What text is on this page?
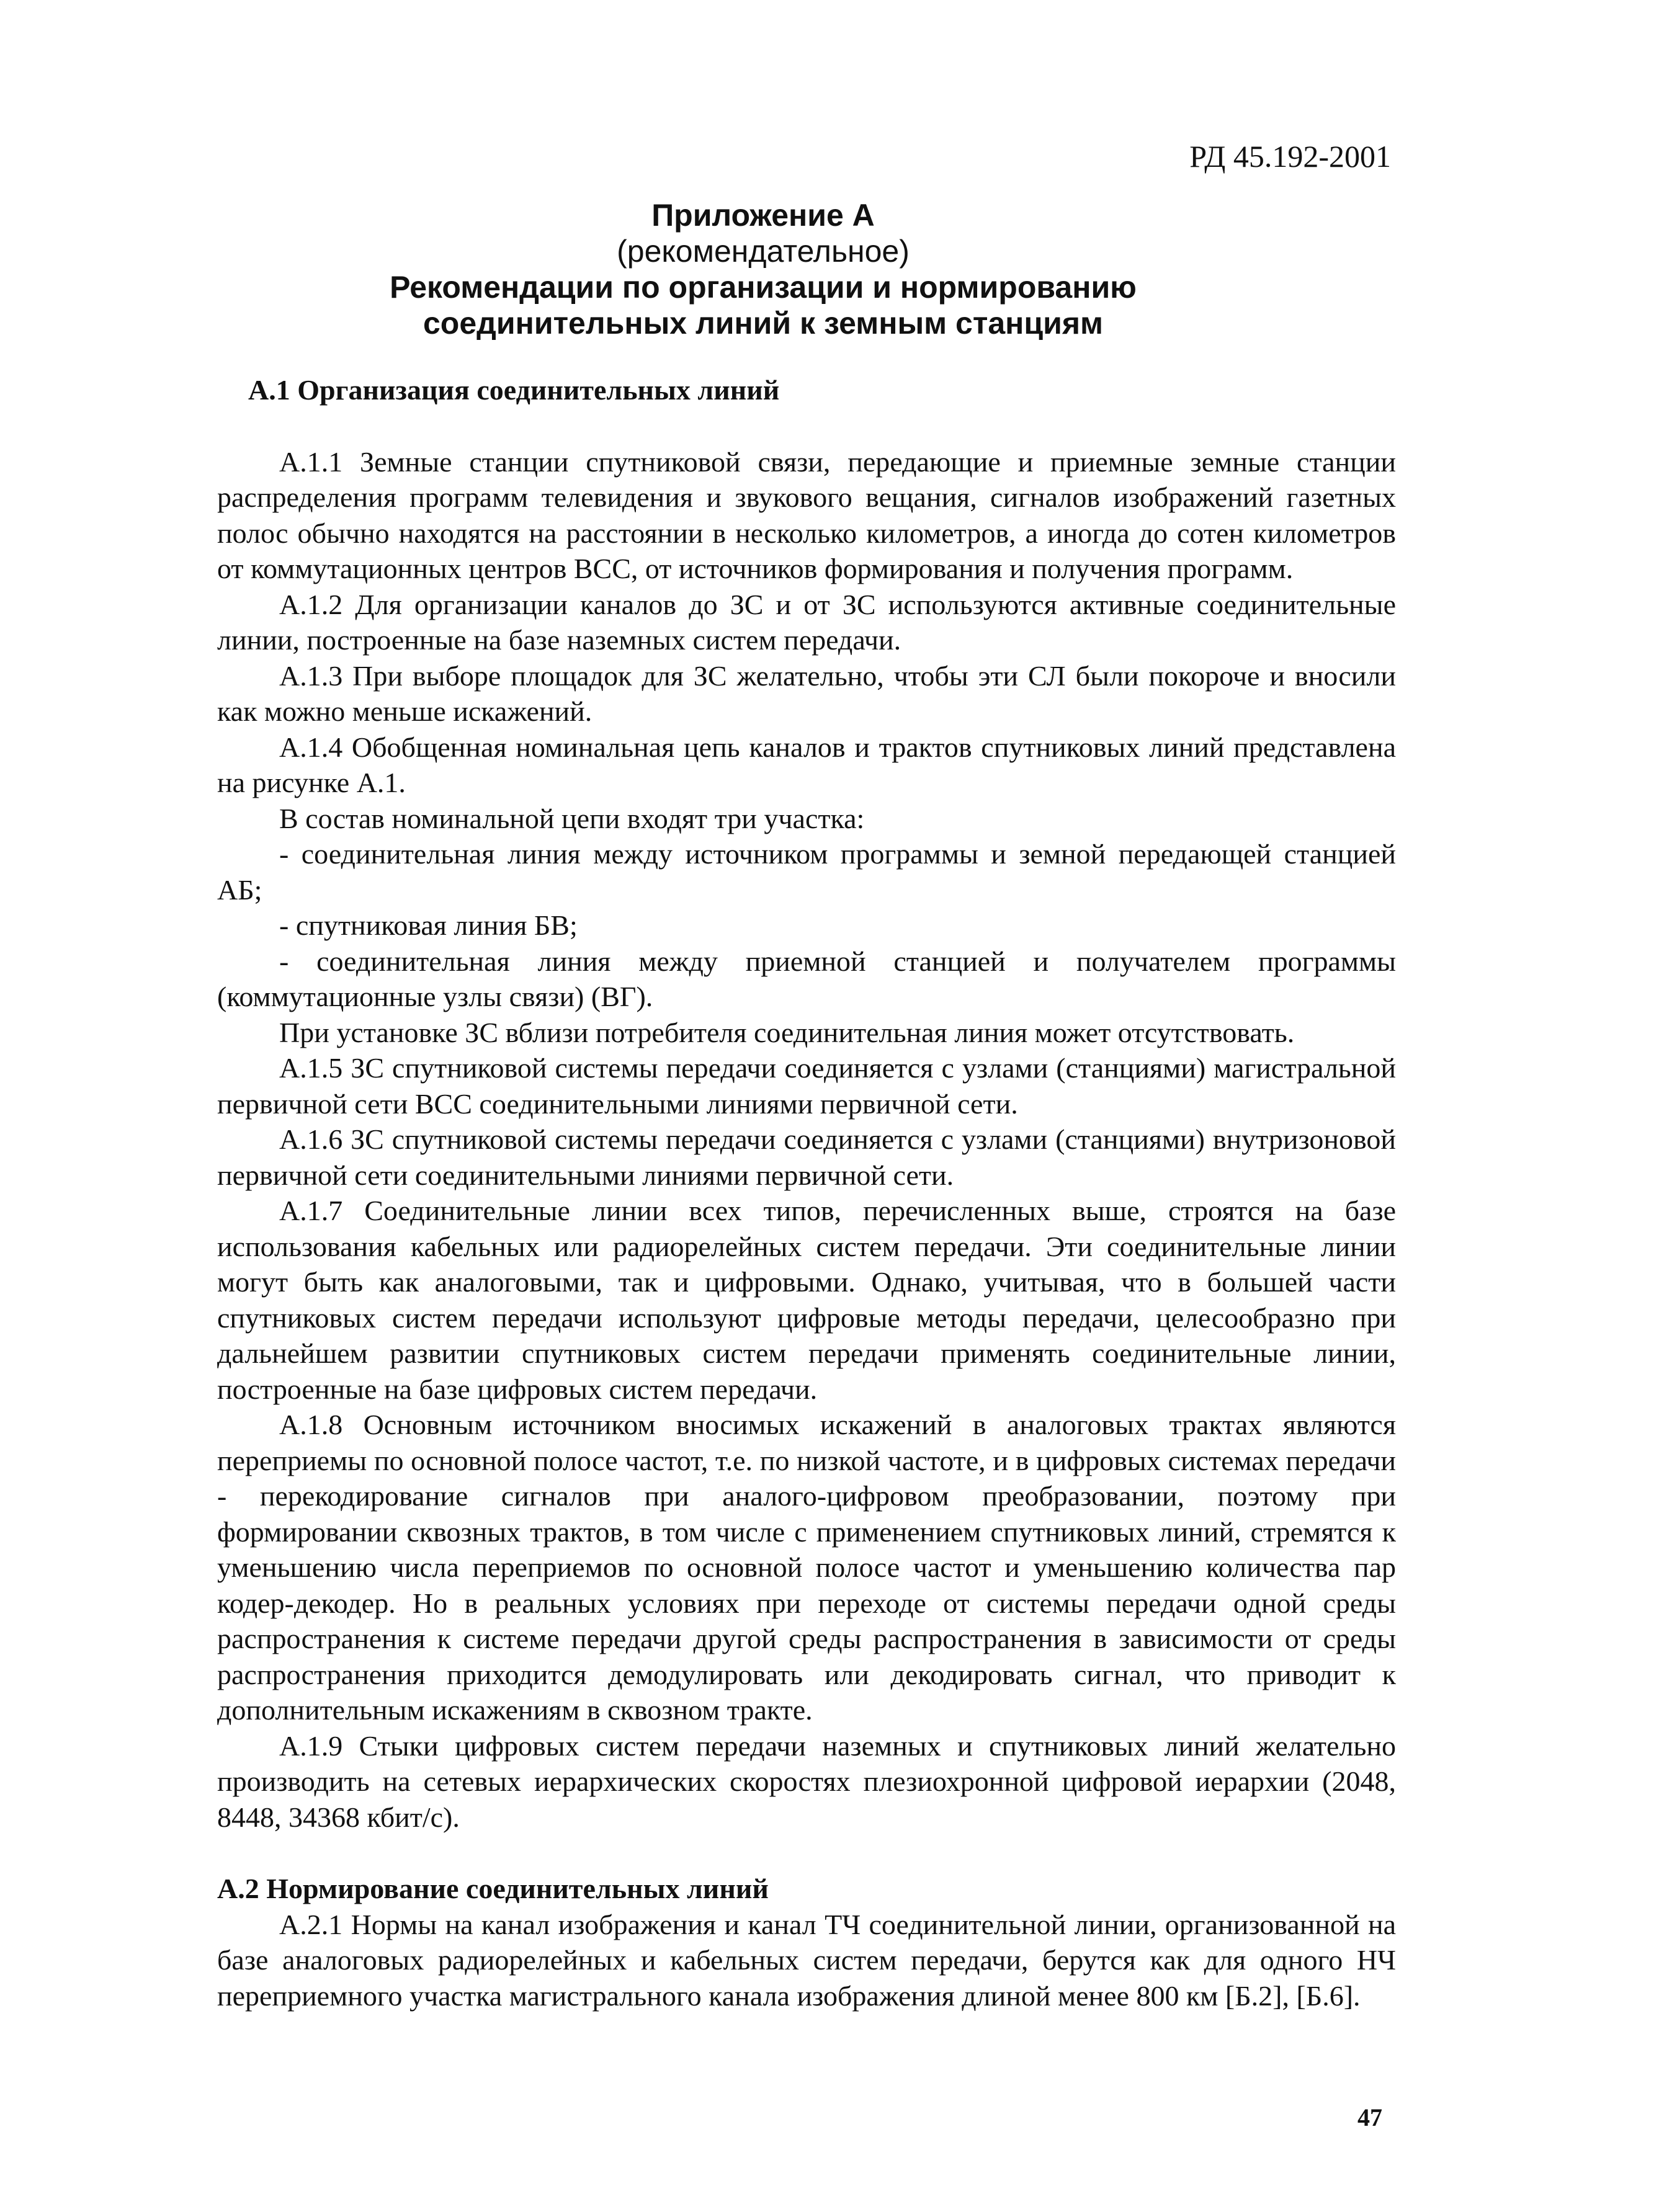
РД 45.192-2001
Приложение А
(рекомендательное)
Рекомендации по организации и нормированию
соединительных линий к земным станциям
А.1 Организация соединительных линий

А.1.1 Земные станции спутниковой связи, передающие и приемные земные станции распределения программ телевидения и звукового вещания, сигналов изображений газетных полос обычно находятся на расстоянии в несколько километров, а иногда до сотен километров от коммутационных центров ВСС, от источников формирования и получения программ.

А.1.2 Для организации каналов до ЗС и от ЗС используются активные соединительные линии, построенные на базе наземных систем передачи.

А.1.3 При выборе площадок для ЗС желательно, чтобы эти СЛ были покороче и вносили как можно меньше искажений.

А.1.4 Обобщенная номинальная цепь каналов и трактов спутниковых линий представлена на рисунке А.1.

В состав номинальной цепи входят три участка:

- соединительная линия между источником программы и земной передающей станцией АБ;

- спутниковая линия БВ;

- соединительная линия между приемной станцией и получателем программы (коммутационные узлы связи) (ВГ).

При установке ЗС вблизи потребителя соединительная линия может отсутствовать.

А.1.5 ЗС спутниковой системы передачи соединяется с узлами (станциями) магистральной первичной сети ВСС соединительными линиями первичной сети.

А.1.6 ЗС спутниковой системы передачи соединяется с узлами (станциями) внутризоновой первичной сети соединительными линиями первичной сети.

А.1.7 Соединительные линии всех типов, перечисленных выше, строятся на базе использования кабельных или радиорелейных систем передачи. Эти соединительные линии могут быть как аналоговыми, так и цифровыми. Однако, учитывая, что в большей части спутниковых систем передачи используют цифровые методы передачи, целесообразно при дальнейшем развитии спутниковых систем передачи применять соединительные линии, построенные на базе цифровых систем передачи.

А.1.8 Основным источником вносимых искажений в аналоговых трактах являются переприемы по основной полосе частот, т.е. по низкой частоте, и в цифровых системах передачи - перекодирование сигналов при аналого-цифровом преобразовании, поэтому при формировании сквозных трактов, в том числе с применением спутниковых линий, стремятся к уменьшению числа переприемов по основной полосе частот и уменьшению количества пар кодер-декодер. Но в реальных условиях при переходе от системы передачи одной среды распространения к системе передачи другой среды распространения в зависимости от среды распространения приходится демодулировать или декодировать сигнал, что приводит к дополнительным искажениям в сквозном тракте.

А.1.9 Стыки цифровых систем передачи наземных и спутниковых линий желательно производить на сетевых иерархических скоростях плезиохронной цифровой иерархии (2048, 8448, 34368 кбит/с).

А.2 Нормирование соединительных линий

А.2.1 Нормы на канал изображения и канал ТЧ соединительной линии, организованной на базе аналоговых радиорелейных и кабельных систем передачи, берутся как для одного НЧ переприемного участка магистрального канала изображения длиной менее 800 км [Б.2], [Б.6].

47
